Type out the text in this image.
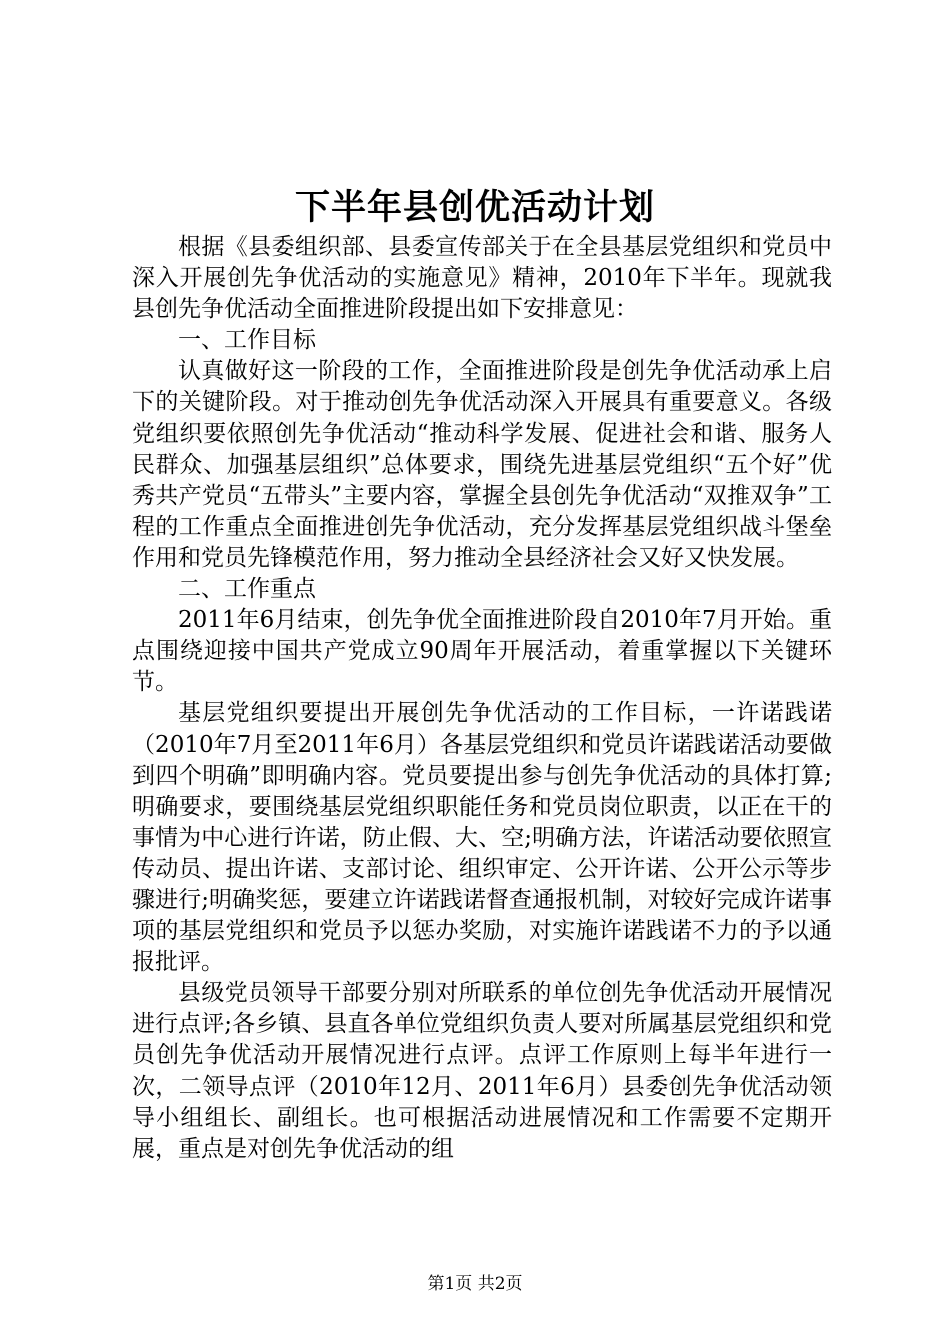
下半年县创优活动计划

根据《县委组织部、县委宣传部关于在全县基层党组织和党员中深入开展创先争优活动的实施意见》精神，2010年下半年。现就我县创先争优活动全面推进阶段提出如下安排意见：

一、工作目标

认真做好这一阶段的工作，全面推进阶段是创先争优活动承上启下的关键阶段。对于推动创先争优活动深入开展具有重要意义。各级党组织要依照创先争优活动“推动科学发展、促进社会和谐、服务人民群众、加强基层组织”总体要求，围绕先进基层党组织“五个好”优秀共产党员“五带头”主要内容，掌握全县创先争优活动“双推双争”工程的工作重点全面推进创先争优活动，充分发挥基层党组织战斗堡垒作用和党员先锋模范作用，努力推动全县经济社会又好又快发展。

二、工作重点

2011年6月结束，创先争优全面推进阶段自2010年7月开始。重点围绕迎接中国共产党成立90周年开展活动，着重掌握以下关键环节。

基层党组织要提出开展创先争优活动的工作目标，一许诺践诺（2010年7月至2011年6月）各基层党组织和党员许诺践诺活动要做到四个明确”即明确内容。党员要提出参与创先争优活动的具体打算;明确要求，要围绕基层党组织职能任务和党员岗位职责，以正在干的事情为中心进行许诺，防止假、大、空;明确方法，许诺活动要依照宣传动员、提出许诺、支部讨论、组织审定、公开许诺、公开公示等步骤进行;明确奖惩，要建立许诺践诺督查通报机制，对较好完成许诺事项的基层党组织和党员予以惩办奖励，对实施许诺践诺不力的予以通报批评。

县级党员领导干部要分别对所联系的单位创先争优活动开展情况进行点评;各乡镇、县直各单位党组织负责人要对所属基层党组织和党员创先争优活动开展情况进行点评。点评工作原则上每半年进行一次，二领导点评（2010年12月、2011年6月）县委创先争优活动领导小组组长、副组长。也可根据活动进展情况和工作需要不定期开展，重点是对创先争优活动的组

第1页 共2页
